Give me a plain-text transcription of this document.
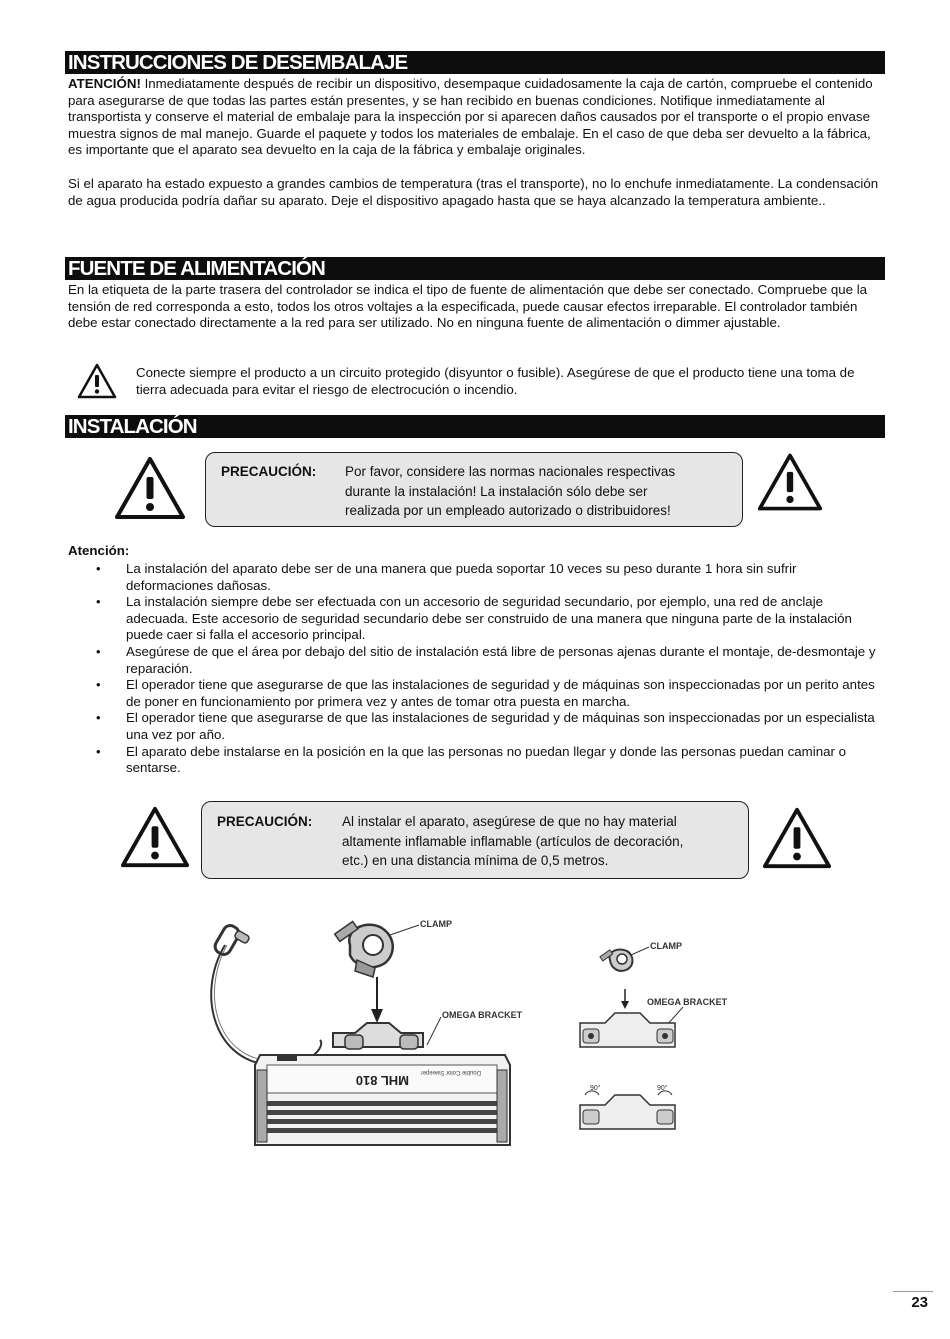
INSTRUCCIONES DE DESEMBALAJE

ATENCIÓN! Inmediatamente después de recibir un dispositivo, desempaque cuidadosamente la caja de cartón, compruebe el contenido para asegurarse de que todas las partes están presentes, y se han recibido en buenas condiciones. Notifique inmediatamente al transportista y conserve el material de embalaje para la inspección por si aparecen daños causados por el transporte o el propio envase muestra signos de mal manejo. Guarde el paquete y todos los materiales de embalaje. En el caso de que deba ser devuelto a la fábrica, es importante que el aparato sea devuelto en la caja de la fábrica y embalaje originales.

Si el aparato ha estado expuesto a grandes cambios de temperatura (tras el transporte), no lo enchufe inmediatamente. La condensación de agua producida podría dañar su aparato. Deje el dispositivo apagado hasta que se haya alcanzado la temperatura ambiente..

FUENTE DE ALIMENTACIÓN

En la etiqueta de la parte trasera del controlador se indica el tipo de fuente de alimentación que debe ser conectado. Compruebe que la tensión de red corresponda a esto, todos los otros voltajes a la especificada, puede causar efectos irreparable. El controlador también debe estar conectado directamente a la red para ser utilizado. No en ninguna fuente de alimentación o dimmer ajustable.

Conecte siempre el producto a un circuito protegido (disyuntor o fusible). Asegúrese de que el producto tiene una toma de tierra adecuada para evitar el riesgo de electrocución o incendio.

INSTALACIÓN
PRECAUCIÓN: Por favor, considere las normas nacionales respectivas
durante la instalación! La instalación sólo debe ser
realizada por un empleado autorizado o distribuidores!

Atención:

• La instalación del aparato debe ser de una manera que pueda soportar 10 veces su peso durante 1 hora sin sufrir deformaciones dañosas.
• La instalación siempre debe ser efectuada con un accesorio de seguridad secundario, por ejemplo, una red de anclaje adecuada. Este accesorio de seguridad secundario debe ser construido de una manera que ninguna parte de la instalación puede caer si falla el accesorio principal.
• Asegúrese de que el área por debajo del sitio de instalación está libre de personas ajenas durante el montaje, de-desmontaje y reparación.
• El operador tiene que asegurarse de que las instalaciones de seguridad y de máquinas son inspeccionadas por un perito antes de poner en funcionamiento por primera vez y antes de tomar otra puesta en marcha.
• El operador tiene que asegurarse de que las instalaciones de seguridad y de máquinas son inspeccionadas por un especialista una vez por año.
• El aparato debe instalarse en la posición en la que las personas no puedan llegar y donde las personas puedan caminar o sentarse.
PRECAUCIÓN: Al instalar el aparato, asegúrese de que no hay material
altamente inflamable inflamable (artículos de decoración,
etc.) en una distancia mínima de 0,5 metros.
CLAMP
OMEGA BRACKET
MHL 810
Double Color Sweeper
CLAMP
OMEGA BRACKET
90°	90°
23
